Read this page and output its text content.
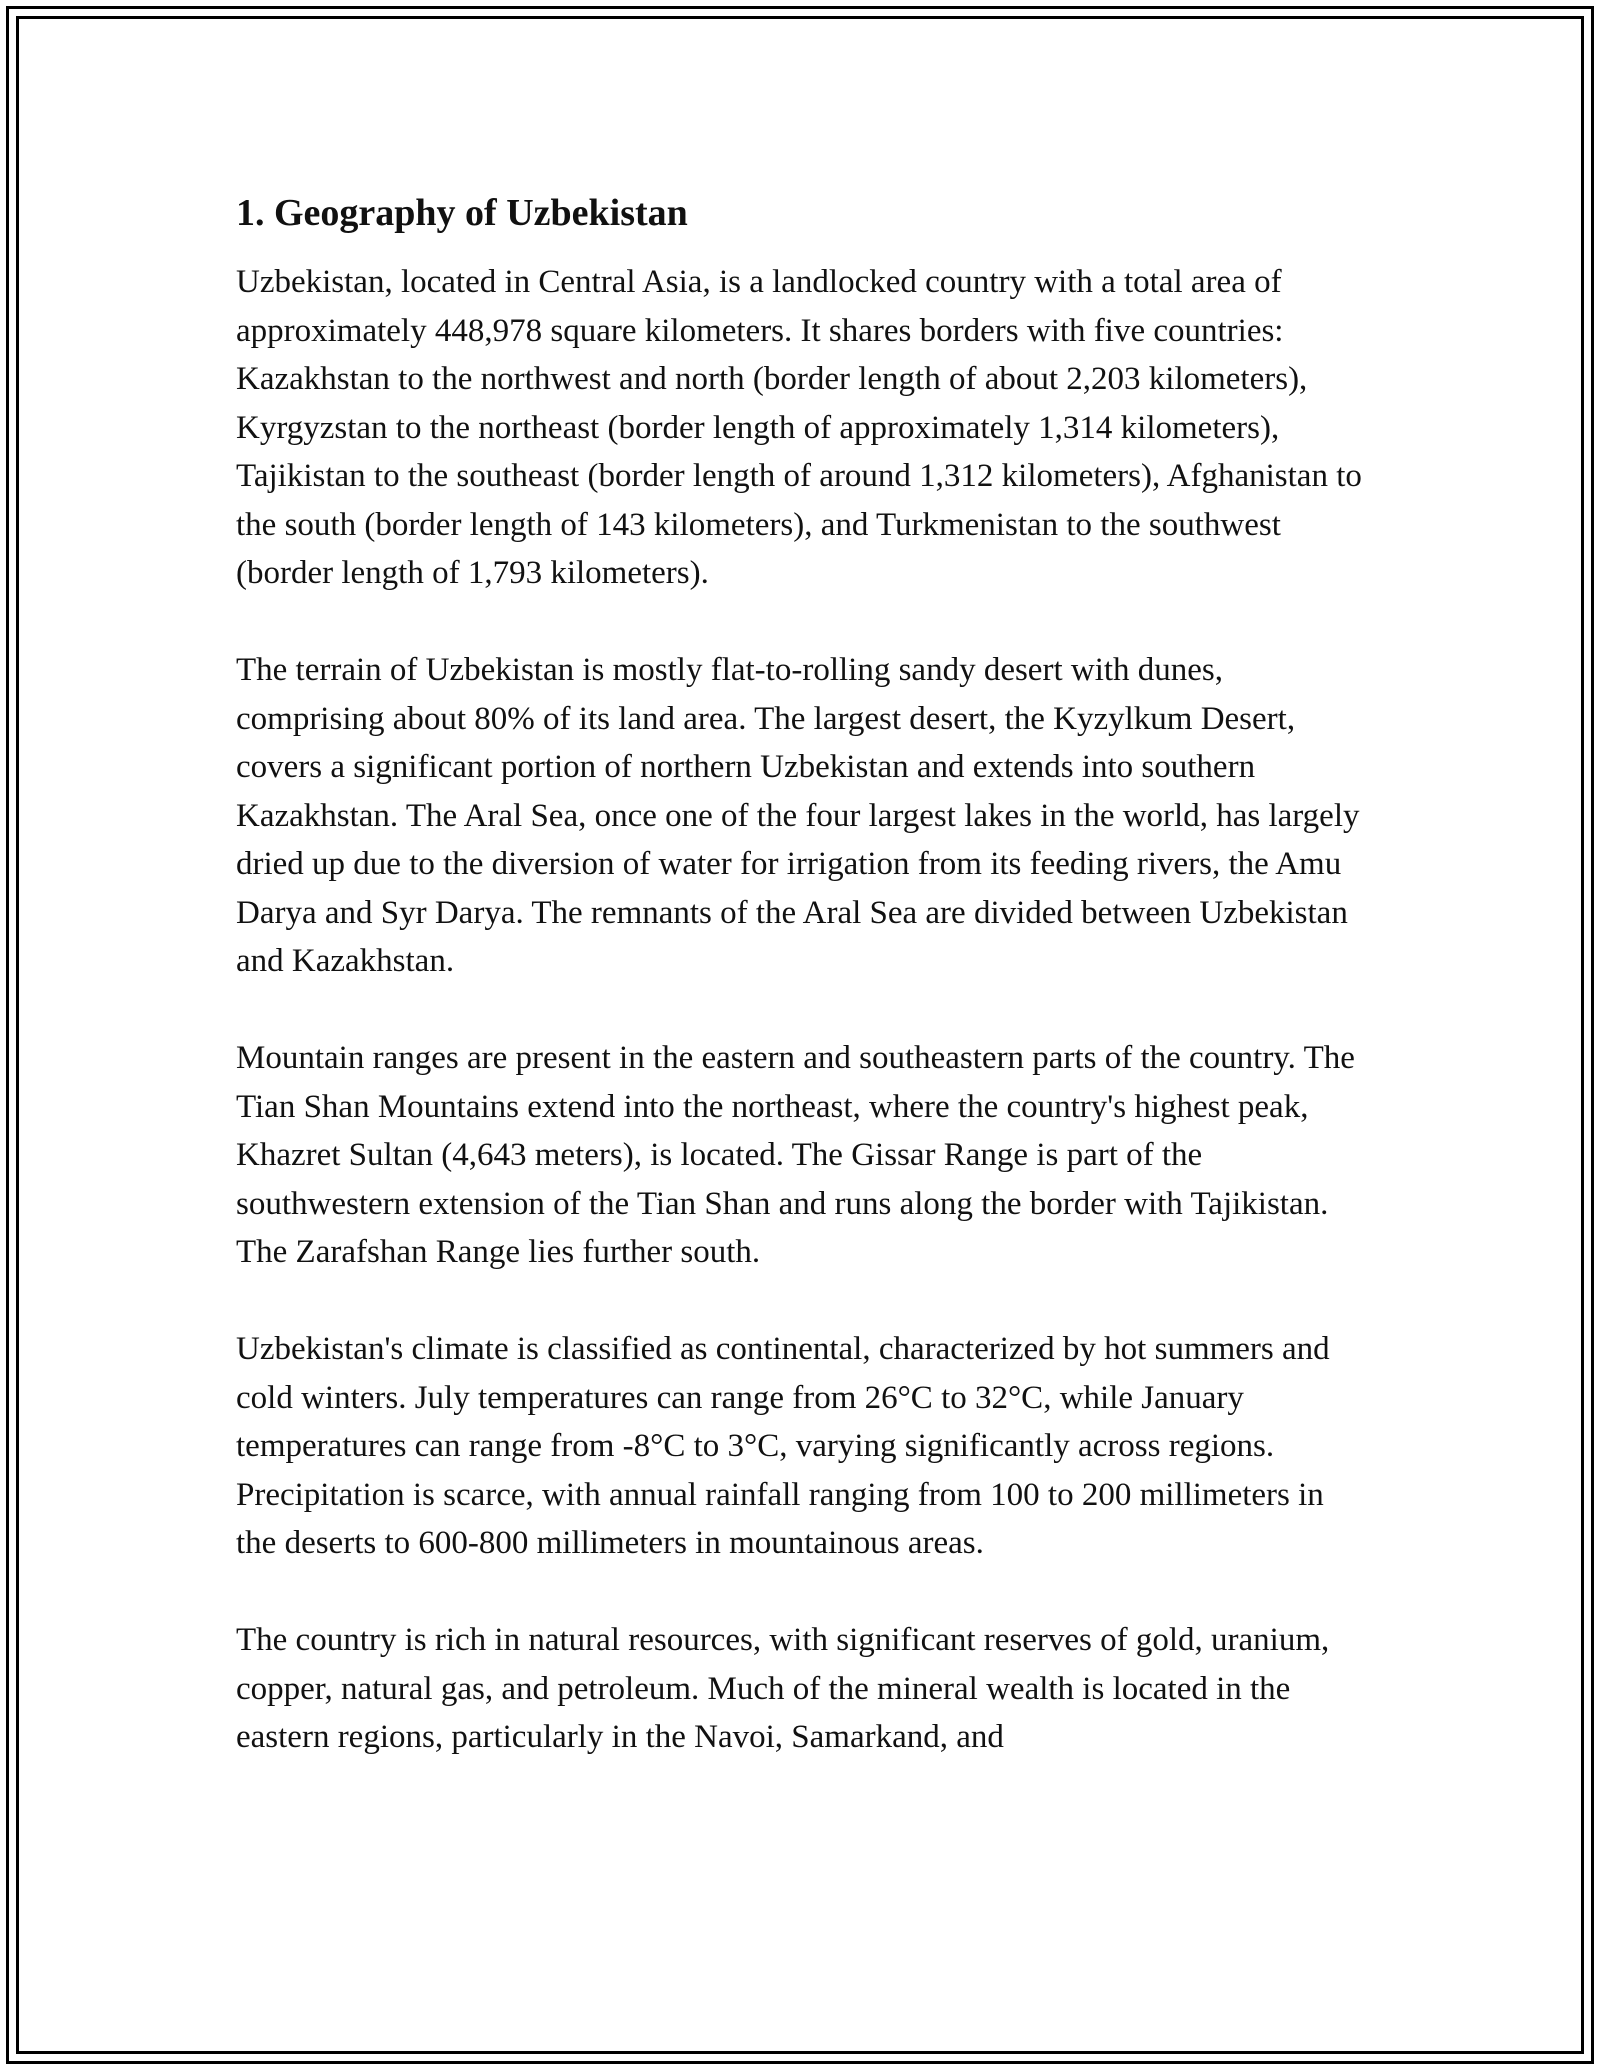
1. Geography of Uzbekistan

Uzbekistan, located in Central Asia, is a landlocked country with a total area of approximately 448,978 square kilometers. It shares borders with five countries: Kazakhstan to the northwest and north (border length of about 2,203 kilometers), Kyrgyzstan to the northeast (border length of approximately 1,314 kilometers), Tajikistan to the southeast (border length of around 1,312 kilometers), Afghanistan to the south (border length of 143 kilometers), and Turkmenistan to the southwest (border length of 1,793 kilometers).

The terrain of Uzbekistan is mostly flat-to-rolling sandy desert with dunes, comprising about 80% of its land area. The largest desert, the Kyzylkum Desert, covers a significant portion of northern Uzbekistan and extends into southern Kazakhstan. The Aral Sea, once one of the four largest lakes in the world, has largely dried up due to the diversion of water for irrigation from its feeding rivers, the Amu Darya and Syr Darya. The remnants of the Aral Sea are divided between Uzbekistan and Kazakhstan.

Mountain ranges are present in the eastern and southeastern parts of the country. The Tian Shan Mountains extend into the northeast, where the country's highest peak, Khazret Sultan (4,643 meters), is located. The Gissar Range is part of the southwestern extension of the Tian Shan and runs along the border with Tajikistan. The Zarafshan Range lies further south.

Uzbekistan's climate is classified as continental, characterized by hot summers and cold winters. July temperatures can range from 26°C to 32°C, while January temperatures can range from -8°C to 3°C, varying significantly across regions. Precipitation is scarce, with annual rainfall ranging from 100 to 200 millimeters in the deserts to 600-800 millimeters in mountainous areas.

The country is rich in natural resources, with significant reserves of gold, uranium, copper, natural gas, and petroleum. Much of the mineral wealth is located in the eastern regions, particularly in the Navoi, Samarkand, and
